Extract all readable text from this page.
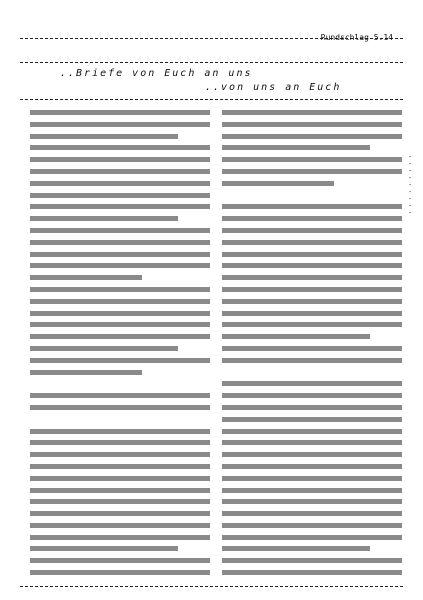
Rundschlag 5.14
..Briefe von Euch an uns
..von uns an Euch
- - - - - - - - -
